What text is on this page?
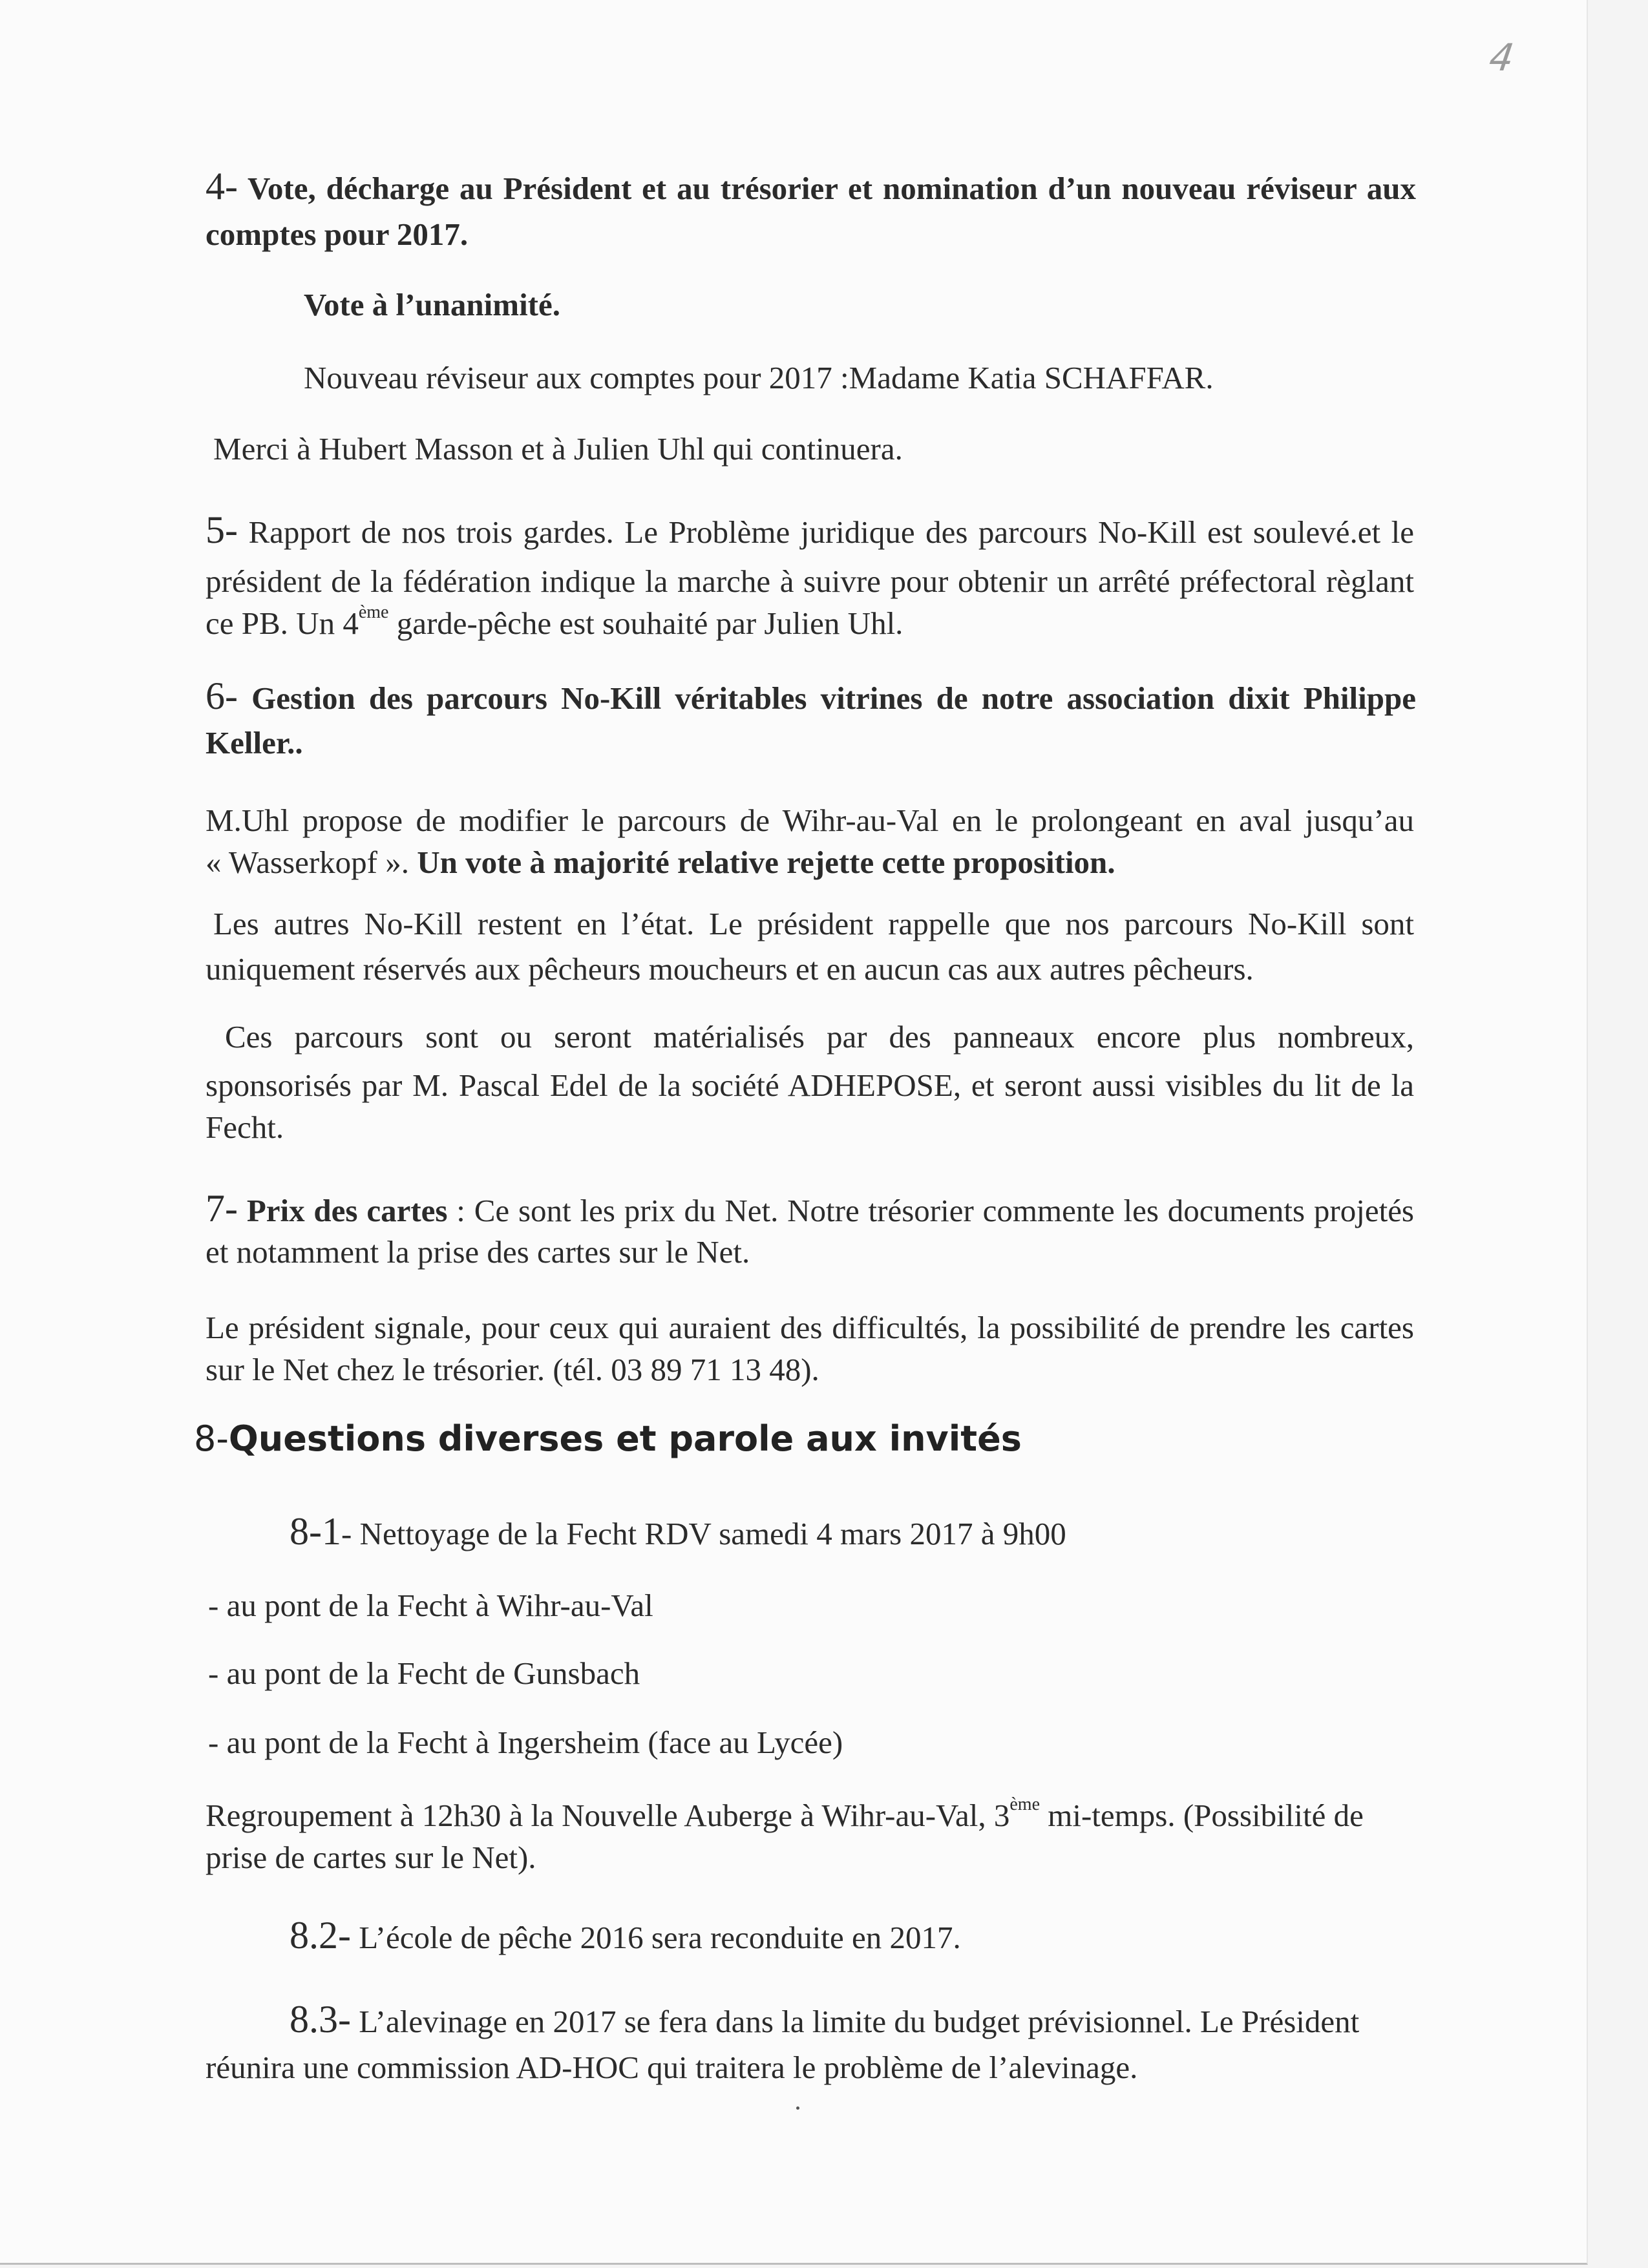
4
4- Vote, décharge au Président et au trésorier et nomination d’un nouveau réviseur aux
comptes pour 2017.
Vote à l’unanimité.
Nouveau réviseur aux comptes pour 2017 :Madame Katia SCHAFFAR.
Merci à Hubert Masson et à Julien Uhl qui continuera.
5- Rapport de nos trois gardes. Le Problème juridique des parcours No-Kill est soulevé.et le
président de la fédération indique la marche à suivre pour obtenir un arrêté préfectoral règlant
ce PB. Un 4ème garde-pêche est souhaité par Julien Uhl.
6- Gestion des parcours No-Kill véritables vitrines de notre association dixit Philippe
Keller..
M.Uhl propose de modifier le parcours de Wihr-au-Val en le prolongeant en aval jusqu’au
« Wasserkopf ». Un vote à majorité relative rejette cette proposition.
Les autres No-Kill restent en l’état. Le président rappelle que nos parcours No-Kill sont
uniquement réservés aux pêcheurs moucheurs et en aucun cas aux autres pêcheurs.
Ces parcours sont ou seront matérialisés par des panneaux encore plus nombreux,
sponsorisés par M. Pascal Edel de la société ADHEPOSE, et seront aussi visibles du lit de la
Fecht.
7- Prix des cartes : Ce sont les prix du Net. Notre trésorier commente les documents projetés
et notamment la prise des cartes sur le Net.
Le président signale, pour ceux qui auraient des difficultés, la possibilité de prendre les cartes
sur le Net chez le trésorier. (tél. 03 89 71 13 48).
8-Questions diverses et parole aux invités
8-1- Nettoyage de la Fecht RDV samedi 4 mars 2017 à 9h00
- au pont de la Fecht à Wihr-au-Val
- au pont de la Fecht de Gunsbach
- au pont de la Fecht à Ingersheim (face au Lycée)
Regroupement à 12h30 à la Nouvelle Auberge à Wihr-au-Val, 3ème mi-temps. (Possibilité de
prise de cartes sur le Net).
8.2- L’école de pêche 2016 sera reconduite en 2017.
8.3- L’alevinage en 2017 se fera dans la limite du budget prévisionnel. Le Président
réunira une commission AD-HOC qui traitera le problème de l’alevinage.
